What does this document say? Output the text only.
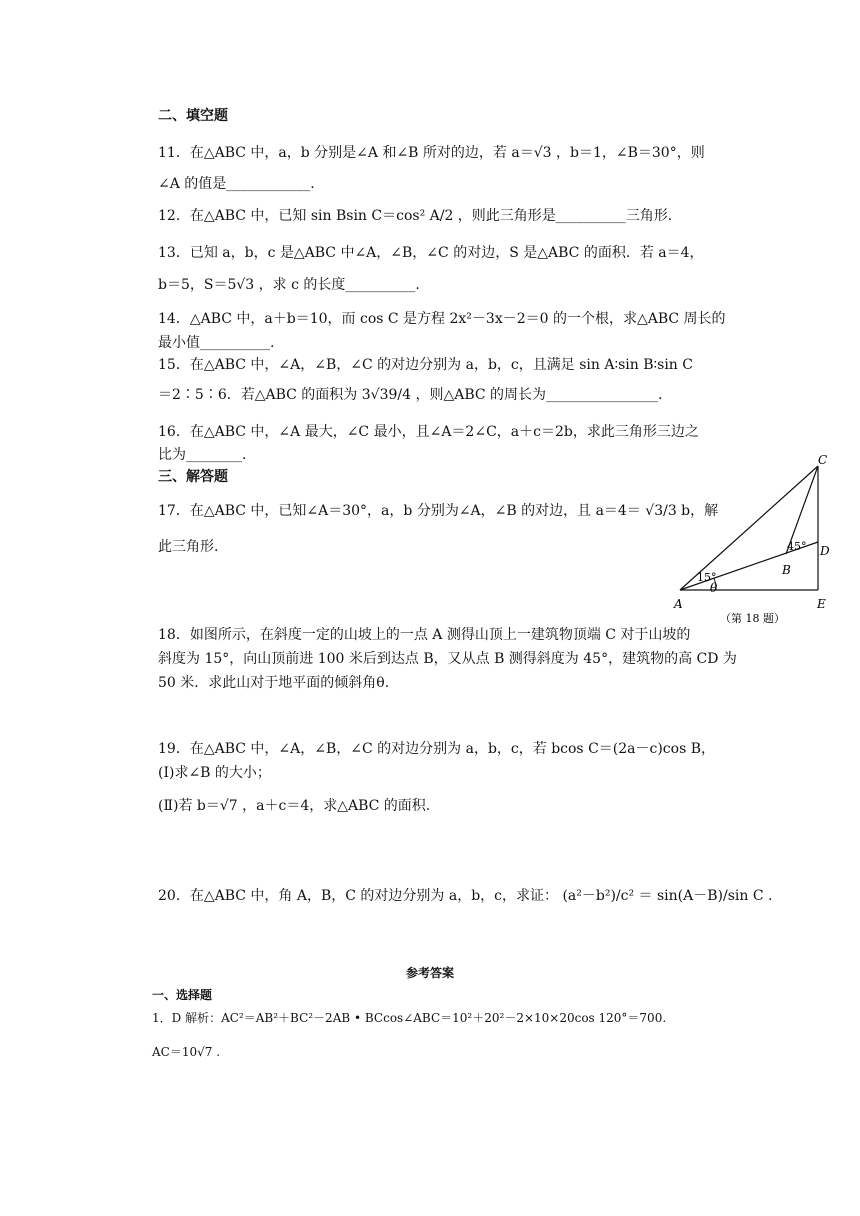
二、填空题
11．在△ABC 中，a，b 分别是∠A 和∠B 所对的边，若 a＝√3 ，b＝1，∠B＝30°，则
∠A 的值是____________.
12．在△ABC 中，已知 sin Bsin C＝cos² A/2 ，则此三角形是__________三角形.
13．已知 a，b，c 是△ABC 中∠A，∠B，∠C 的对边，S 是△ABC 的面积．若 a＝4，
b＝5，S＝5√3 ，求 c 的长度__________.
14．△ABC 中，a＋b＝10，而 cos C 是方程 2x²－3x－2＝0 的一个根，求△ABC 周长的
最小值__________.
15．在△ABC 中，∠A，∠B，∠C 的对边分别为 a，b，c，且满足 sin A∶sin B∶sin C
＝2∶5∶6．若△ABC 的面积为 3√39/4 ，则△ABC 的周长为________________.
16．在△ABC 中，∠A 最大，∠C 最小，且∠A＝2∠C，a＋c＝2b，求此三角形三边之
比为________.
三、解答题
17．在△ABC 中，已知∠A＝30°，a，b 分别为∠A，∠B 的对边，且 a＝4＝ √3/3 b，解
此三角形.
C
D
B
A	E
45°
15°
θ
（第 18 题）
18．如图所示，在斜度一定的山坡上的一点 A 测得山顶上一建筑物顶端 C 对于山坡的
斜度为 15°，向山顶前进 100 米后到达点 B，又从点 B 测得斜度为 45°，建筑物的高 CD 为
50 米．求此山对于地平面的倾斜角θ.
19．在△ABC 中，∠A，∠B，∠C 的对边分别为 a，b，c，若 bcos C＝(2a－c)cos B，
(Ⅰ)求∠B 的大小；
(Ⅱ)若 b＝√7 ，a＋c＝4，求△ABC 的面积.
20．在△ABC 中，角 A，B，C 的对边分别为 a，b，c，求证： (a²－b²)/c² ＝ sin(A－B)/sin C .
参考答案
一、选择题
1．D 解析：AC²＝AB²＋BC²－2AB • BCcos∠ABC＝10²＋20²－2×10×20cos 120°＝700.
AC＝10√7 .
